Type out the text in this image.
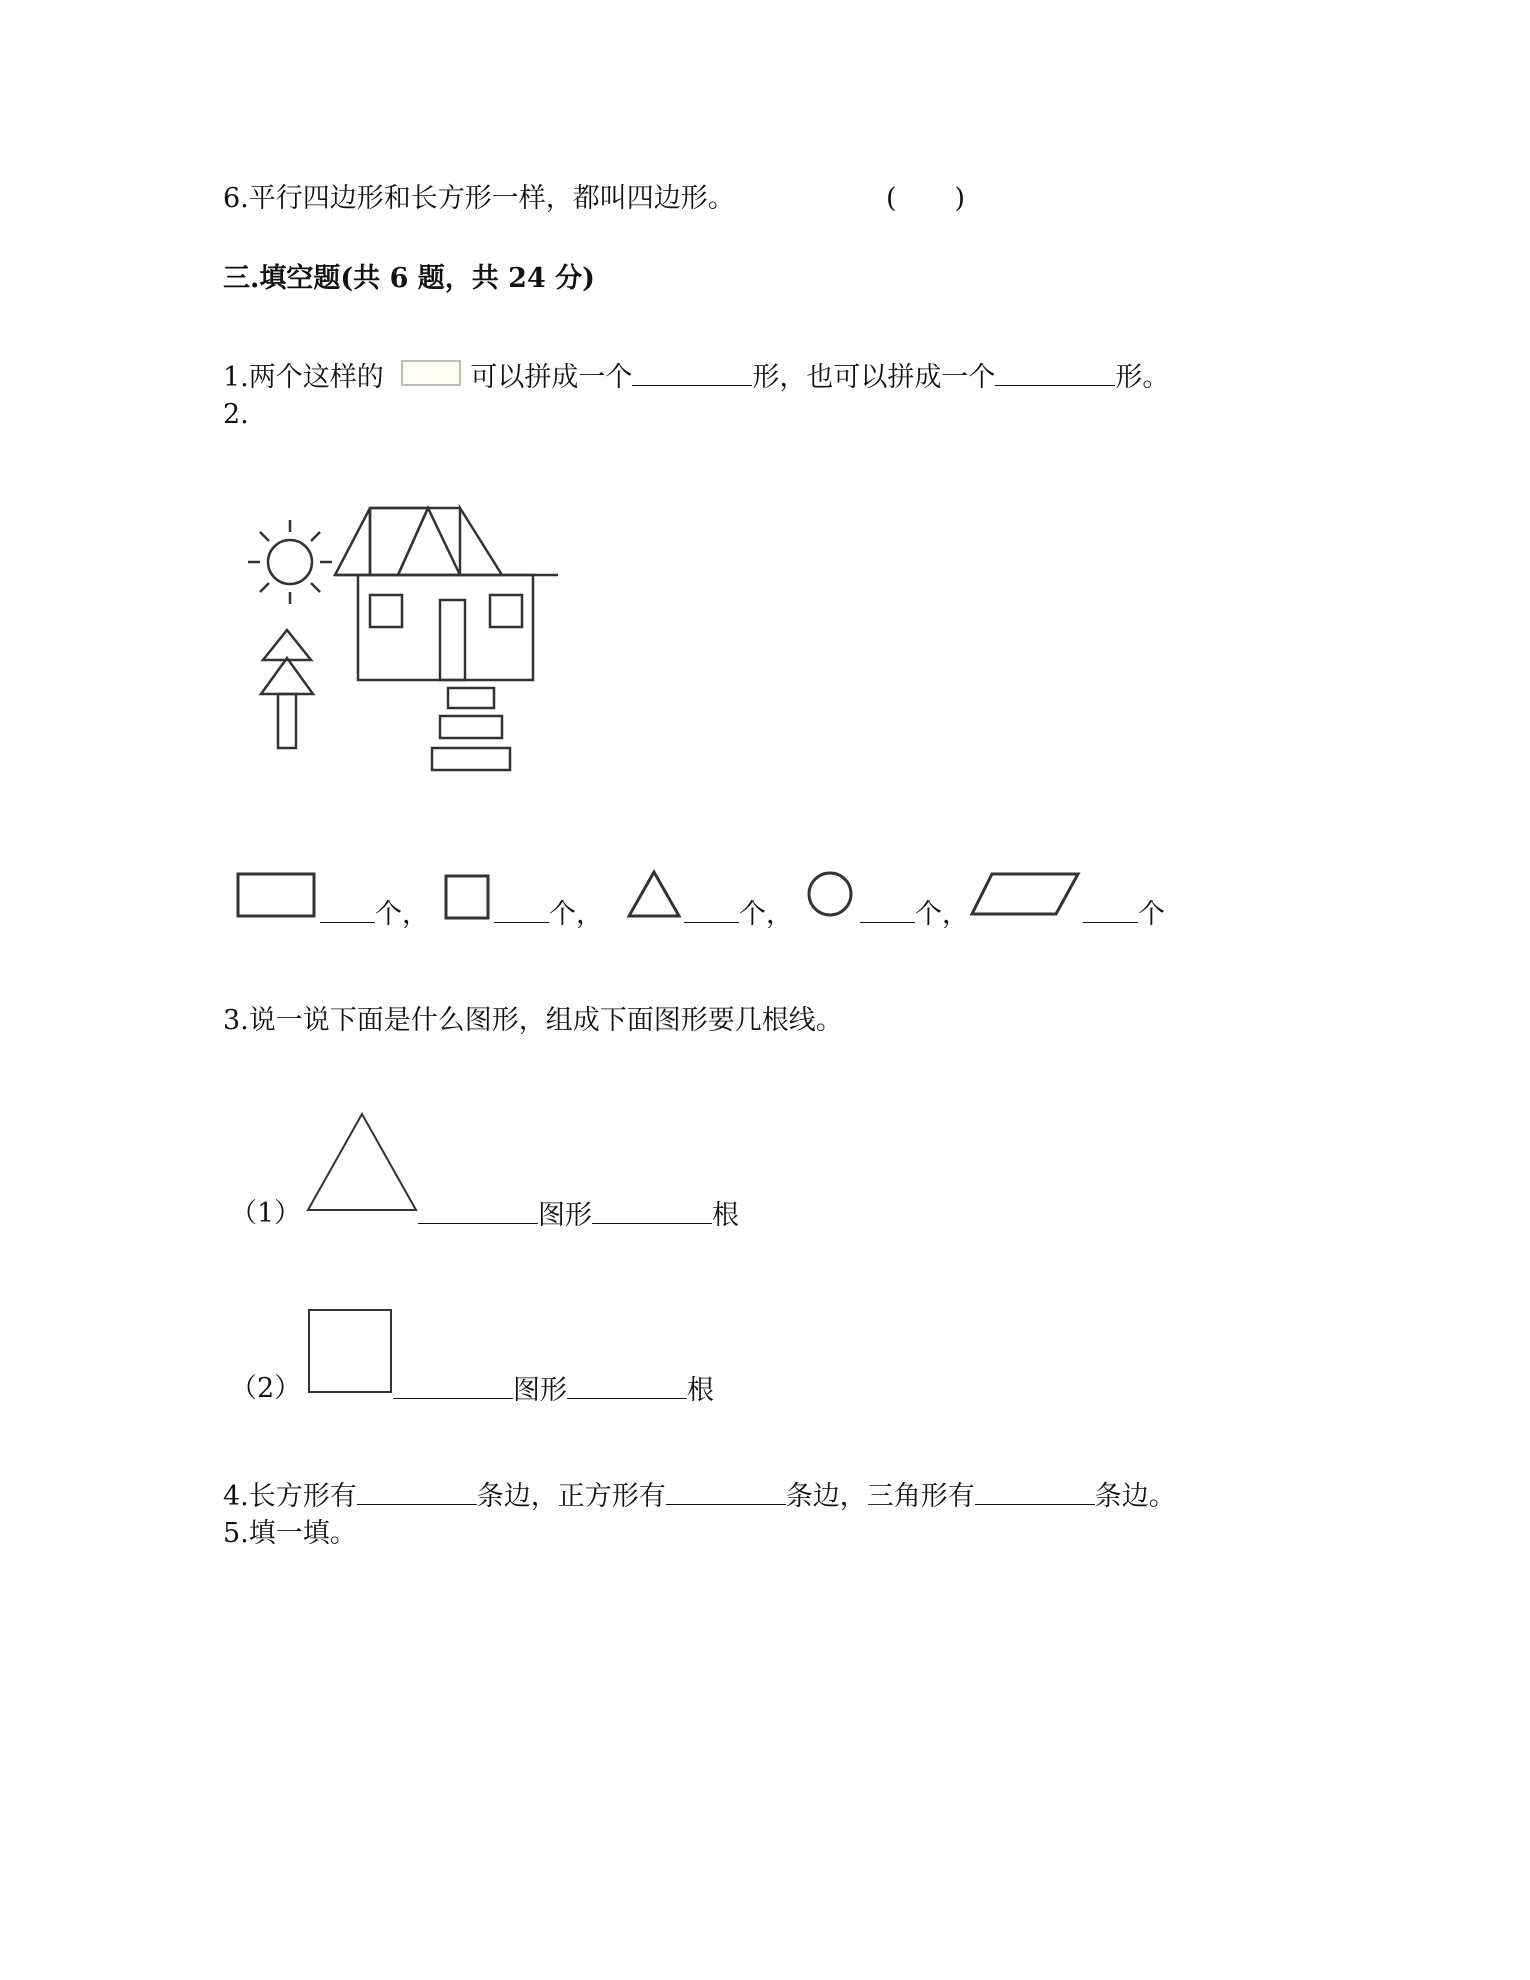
6.平行四边形和长方形一样，都叫四边形。	( )
三.填空题(共 6 题，共 24 分)
1.两个这样的	可以拼成一个	形，也可以拼成一个	形。
2.
个，	个，	个，	个，	个
3.说一说下面是什么图形，组成下面图形要几根线。
（1）	图形	根
（2）	图形	根
4.长方形有	条边，正方形有	条边，三角形有	条边。
5.填一填。
